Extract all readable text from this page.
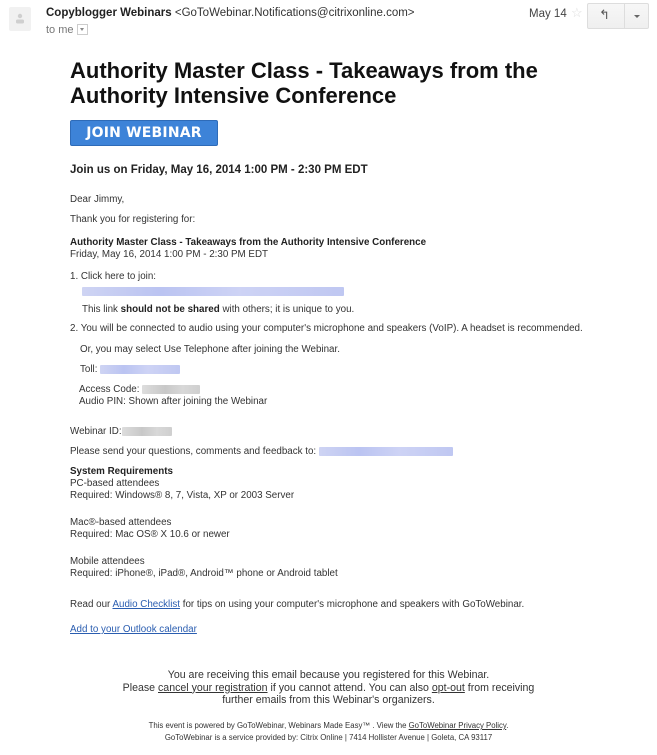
Copyblogger Webinars <GoToWebinar.Notifications@citrixonline.com>
to me
May 14 ☆ ↰
Authority Master Class - Takeaways from the Authority Intensive Conference
JOIN WEBINAR
Join us on Friday, May 16, 2014 1:00 PM - 2:30 PM EDT
Dear Jimmy,
Thank you for registering for:
Authority Master Class - Takeaways from the Authority Intensive Conference
Friday, May 16, 2014 1:00 PM - 2:30 PM EDT
1. Click here to join:
This link should not be shared with others; it is unique to you.
2. You will be connected to audio using your computer's microphone and speakers (VoIP). A headset is recommended.
Or, you may select Use Telephone after joining the Webinar.
Toll:
Access Code:
Audio PIN: Shown after joining the Webinar
Webinar ID:
Please send your questions, comments and feedback to:
System Requirements
PC-based attendees
Required: Windows® 8, 7, Vista, XP or 2003 Server
Mac®-based attendees
Required: Mac OS® X 10.6 or newer
Mobile attendees
Required: iPhone®, iPad®, Android™ phone or Android tablet
Read our Audio Checklist for tips on using your computer's microphone and speakers with GoToWebinar.
Add to your Outlook calendar
You are receiving this email because you registered for this Webinar.
Please cancel your registration if you cannot attend. You can also opt-out from receiving
further emails from this Webinar's organizers.
This event is powered by GoToWebinar, Webinars Made Easy™ . View the GoToWebinar Privacy Policy.
GoToWebinar is a service provided by: Citrix Online | 7414 Hollister Avenue | Goleta, CA 93117
